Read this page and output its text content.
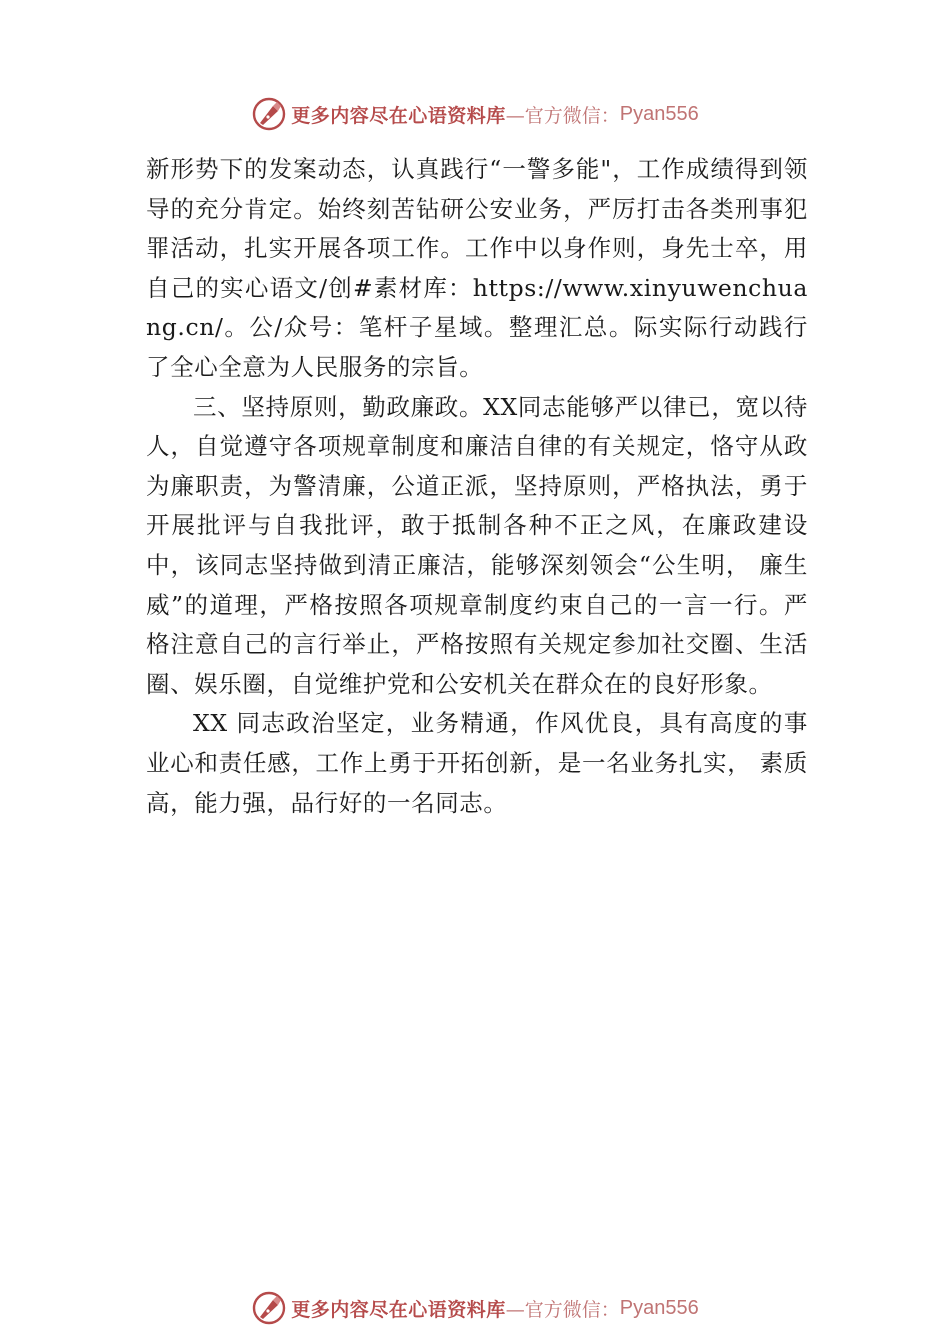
更多内容尽在心语资料库 —官方微信： Pyan556

新形势下的发案动态，认真践行“一警多能"，工作成绩得到领导的充分肯定。始终刻苦钻研公安业务，严厉打击各类刑事犯罪活动，扎实开展各项工作。工作中以身作则，身先士卒，用自己的实心语文/创#素材库：https://www.xinyuwenchuang.cn/。公/众号：笔杆子星域。整理汇总。际实际行动践行了全心全意为人民服务的宗旨。

三、坚持原则，勤政廉政。XX同志能够严以律已，宽以待人，自觉遵守各项规章制度和廉洁自律的有关规定，恪守从政为廉职责，为警清廉，公道正派，坚持原则，严格执法，勇于开展批评与自我批评，敢于抵制各种不正之风，在廉政建设中，该同志坚持做到清正廉洁，能够深刻领会“公生明， 廉生威”的道理，严格按照各项规章制度约束自己的一言一行。严格注意自己的言行举止，严格按照有关规定参加社交圈、生活圈、娱乐圈，自觉维护党和公安机关在群众在的良好形象。

XX 同志政治坚定，业务精通，作风优良，具有高度的事业心和责任感，工作上勇于开拓创新，是一名业务扎实， 素质高，能力强，品行好的一名同志。

更多内容尽在心语资料库 —官方微信： Pyan556
